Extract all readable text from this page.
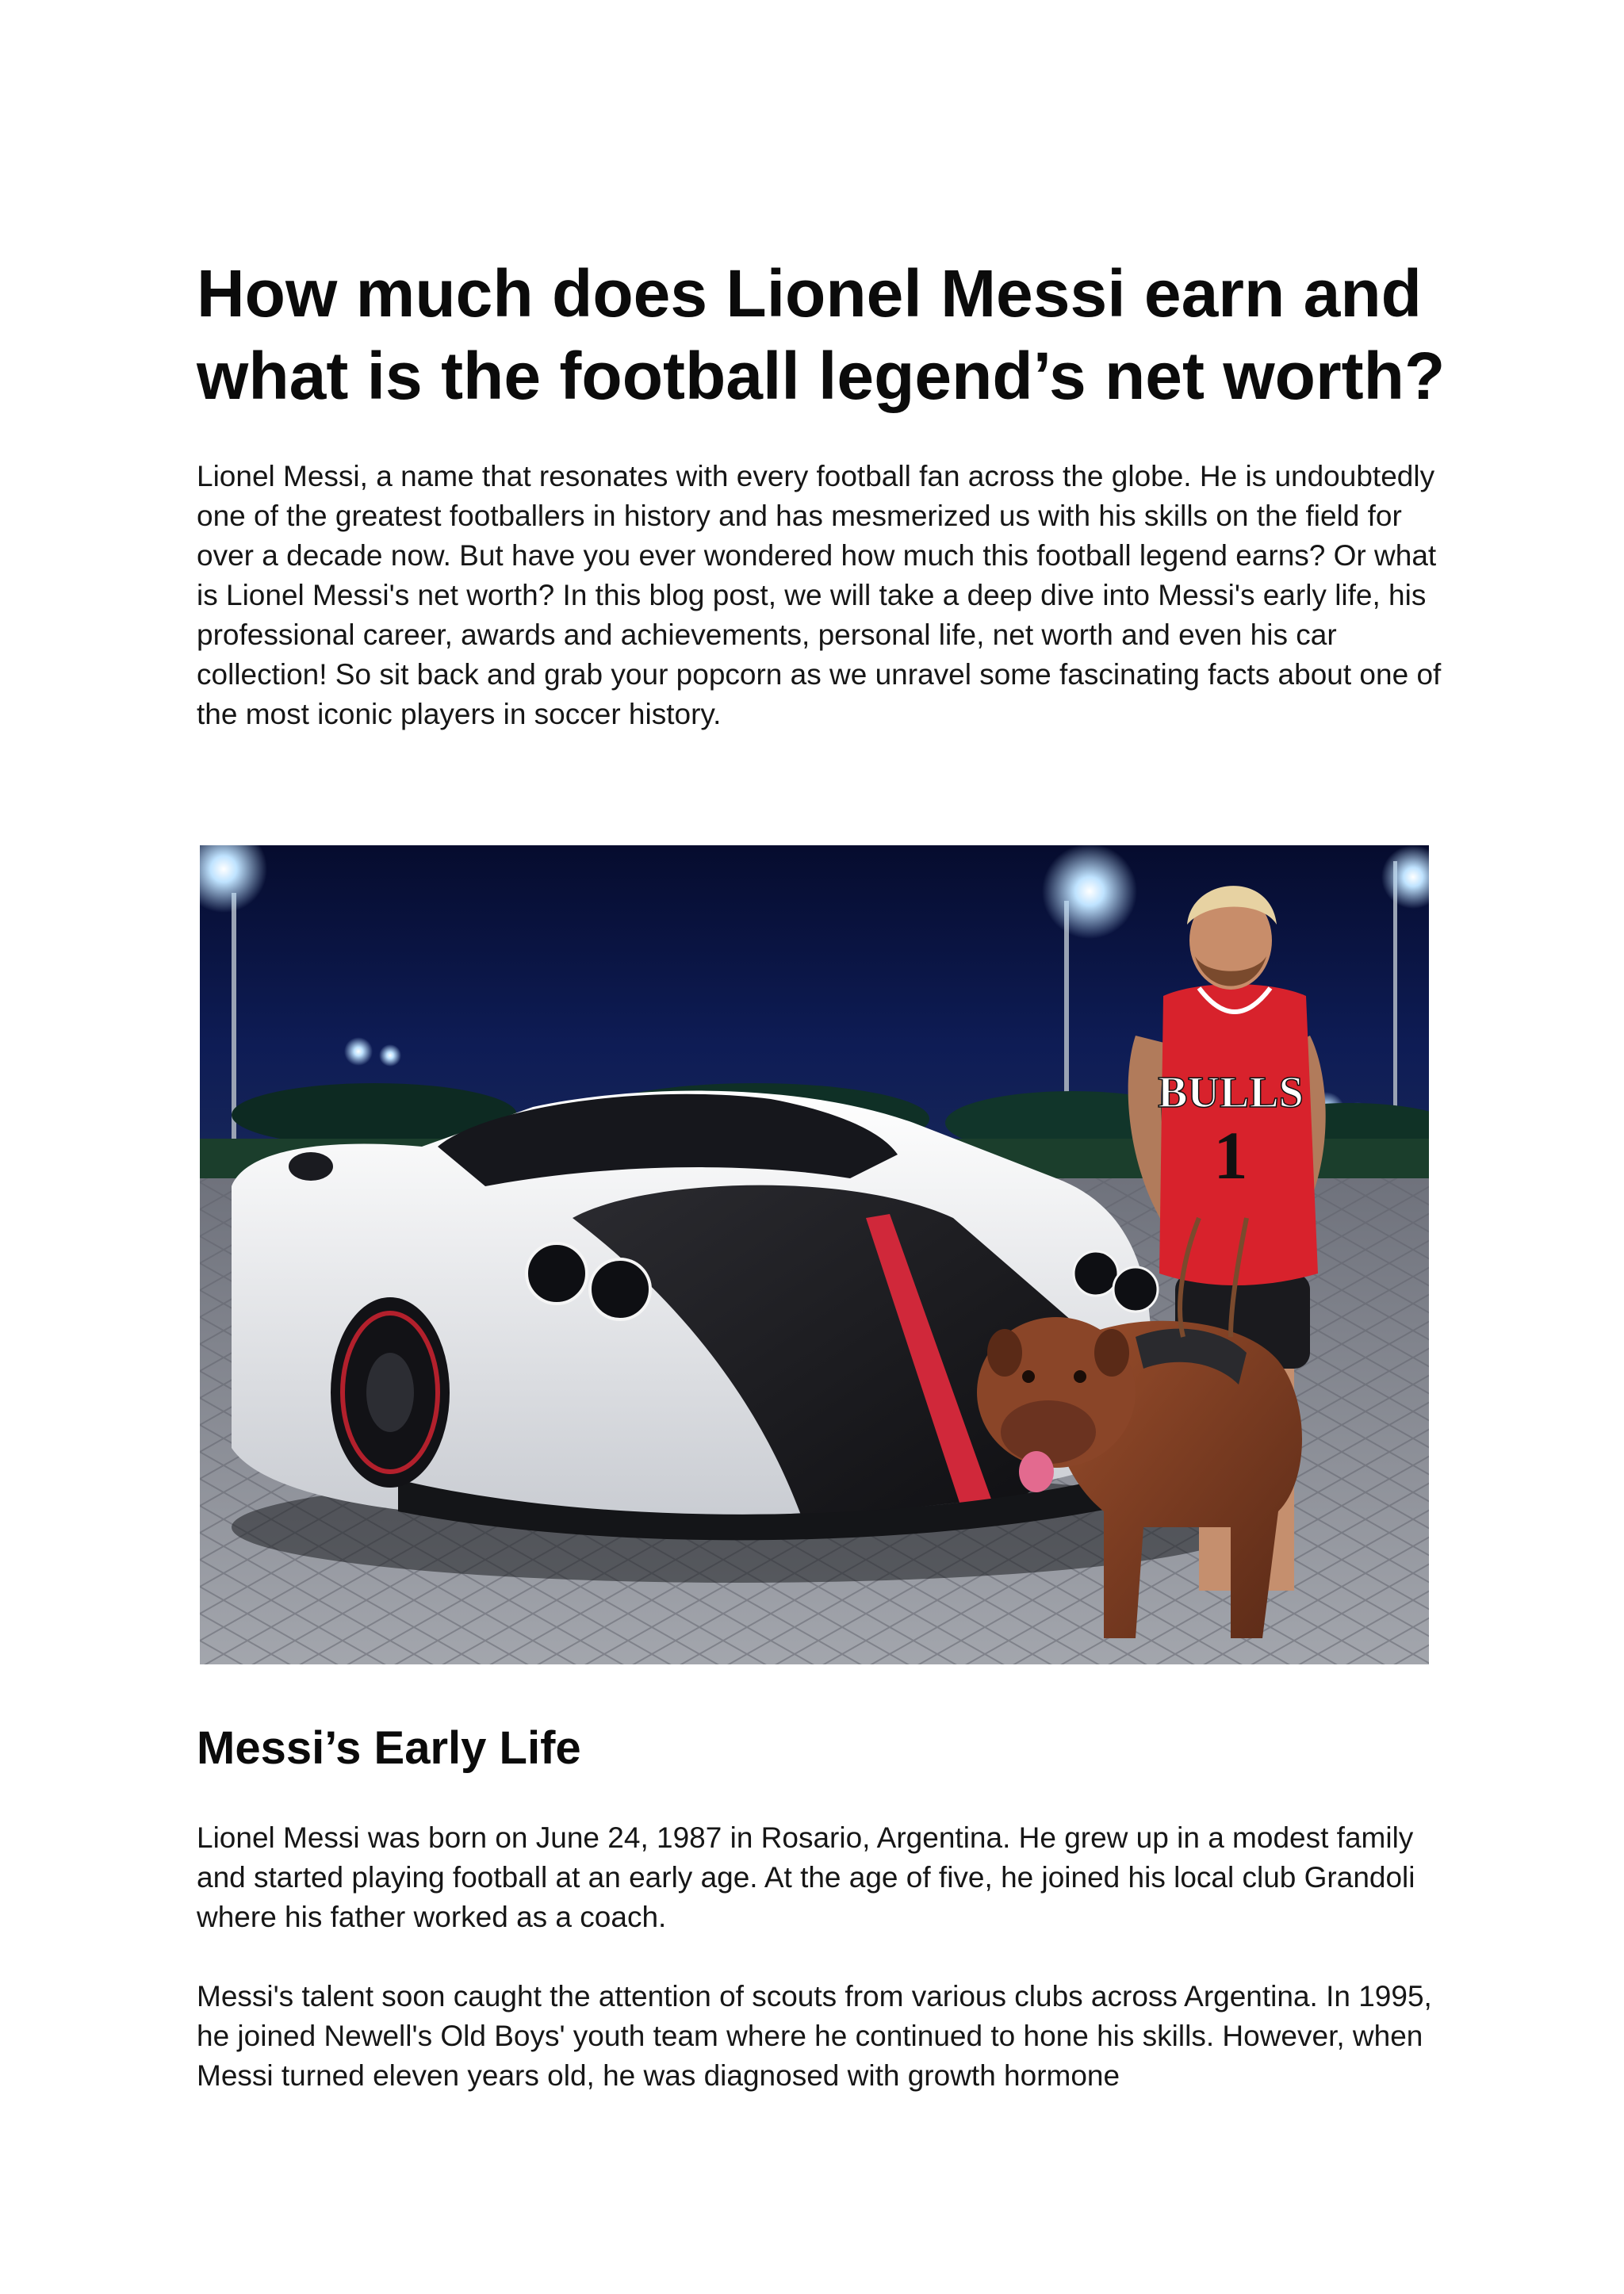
How much does Lionel Messi earn and what is the football legend’s net worth?

Lionel Messi, a name that resonates with every football fan across the globe. He is undoubtedly one of the greatest footballers in history and has mesmerized us with his skills on the field for over a decade now. But have you ever wondered how much this football legend earns? Or what is Lionel Messi's net worth? In this blog post, we will take a deep dive into Messi's early life, his professional career, awards and achievements, personal life, net worth and even his car collection! So sit back and grab your popcorn as we unravel some fascinating facts about one of the most iconic players in soccer history.

Messi’s Early Life

Lionel Messi was born on June 24, 1987 in Rosario, Argentina. He grew up in a modest family and started playing football at an early age. At the age of five, he joined his local club Grandoli where his father worked as a coach.

Messi's talent soon caught the attention of scouts from various clubs across Argentina. In 1995, he joined Newell's Old Boys' youth team where he continued to hone his skills. However, when Messi turned eleven years old, he was diagnosed with growth hormone

BULLS
1
